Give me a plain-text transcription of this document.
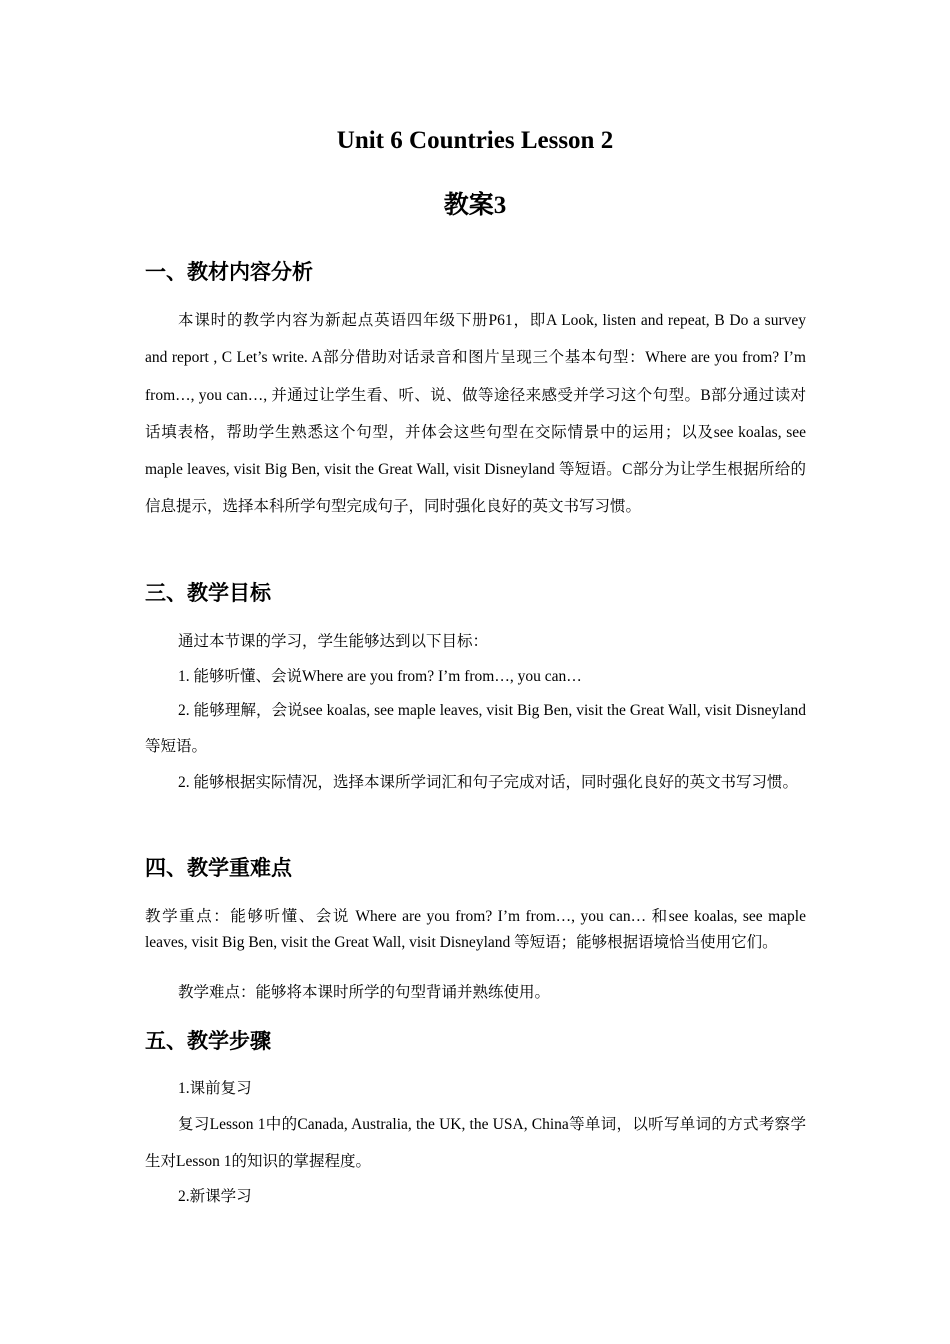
Unit 6 Countries Lesson 2
教案3
一、教材内容分析

本课时的教学内容为新起点英语四年级下册P61，即A Look, listen and repeat, B Do a survey and report , C Let’s write. A部分借助对话录音和图片呈现三个基本句型：Where are you from? I’m from…, you can…, 并通过让学生看、听、说、做等途径来感受并学习这个句型。B部分通过读对话填表格，帮助学生熟悉这个句型，并体会这些句型在交际情景中的运用；以及see koalas, see maple leaves, visit Big Ben, visit the Great Wall, visit Disneyland 等短语。C部分为让学生根据所给的信息提示，选择本科所学句型完成句子，同时强化良好的英文书写习惯。

三、教学目标

通过本节课的学习，学生能够达到以下目标：

1. 能够听懂、会说Where are you from? I’m from…, you can…

2. 能够理解，会说see koalas, see maple leaves, visit Big Ben, visit the Great Wall, visit Disneyland 等短语。

2. 能够根据实际情况，选择本课所学词汇和句子完成对话，同时强化良好的英文书写习惯。

四、教学重难点

教学重点：能够听懂、会说 Where are you from? I’m from…, you can… 和see koalas, see maple leaves, visit Big Ben, visit the Great Wall, visit Disneyland 等短语；能够根据语境恰当使用它们。

教学难点：能够将本课时所学的句型背诵并熟练使用。

五、教学步骤

1.课前复习

复习Lesson 1中的Canada, Australia, the UK, the USA, China等单词，以听写单词的方式考察学生对Lesson 1的知识的掌握程度。

2.新课学习
